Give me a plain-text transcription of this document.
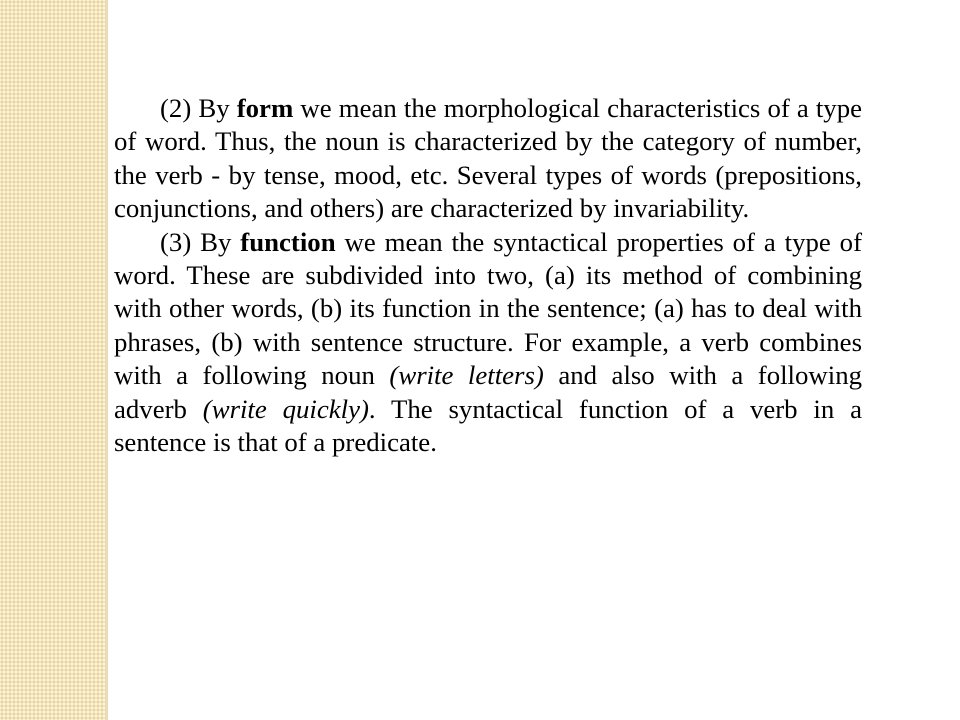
(2) By form we mean the morphological characteristics of a type of word. Thus, the noun is characterized by the category of number, the verb - by tense, mood, etc. Several types of words (prepositions, conjunctions, and others) are characterized by invariability.

(3) By function we mean the syntactical properties of a type of word. These are subdivided into two, (a) its method of combining with other words, (b) its function in the sentence; (a) has to deal with phrases, (b) with sentence structure. For example, a verb combines with a following noun (write letters) and also with a following adverb (write quickly). The syntactical function of a verb in a sentence is that of a predicate.
